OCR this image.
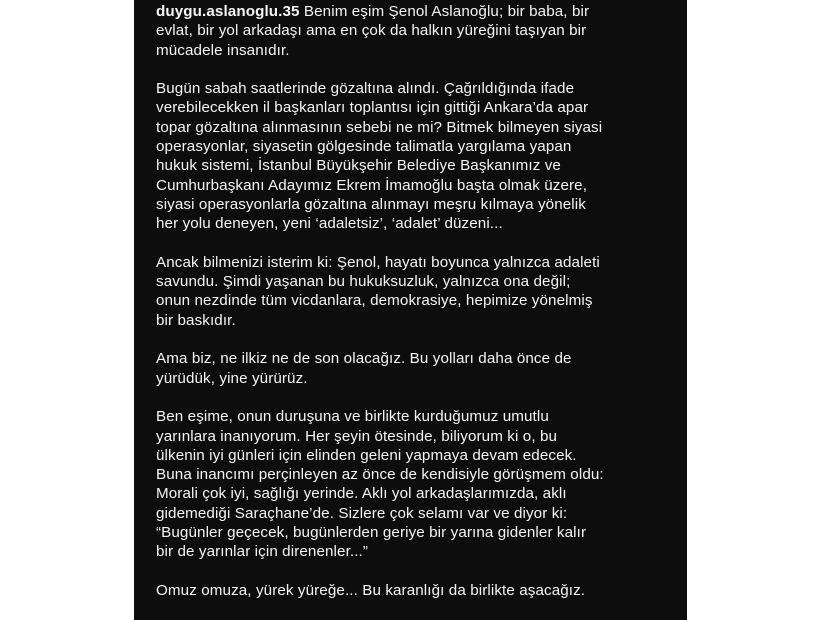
duygu.aslanoglu.35 Benim eşim Şenol Aslanoğlu; bir baba, bir
evlat, bir yol arkadaşı ama en çok da halkın yüreğini taşıyan bir
mücadele insanıdır.

Bugün sabah saatlerinde gözaltına alındı. Çağrıldığında ifade
verebilecekken il başkanları toplantısı için gittiği Ankara’da apar
topar gözaltına alınmasının sebebi ne mi? Bitmek bilmeyen siyasi
operasyonlar, siyasetin gölgesinde talimatla yargılama yapan
hukuk sistemi, İstanbul Büyükşehir Belediye Başkanımız ve
Cumhurbaşkanı Adayımız Ekrem İmamoğlu başta olmak üzere,
siyasi operasyonlarla gözaltına alınmayı meşru kılmaya yönelik
her yolu deneyen, yeni ‘adaletsiz’, ‘adalet’ düzeni...

Ancak bilmenizi isterim ki: Şenol, hayatı boyunca yalnızca adaleti
savundu. Şimdi yaşanan bu hukuksuzluk, yalnızca ona değil;
onun nezdinde tüm vicdanlara, demokrasiye, hepimize yönelmiş
bir baskıdır.

Ama biz, ne ilkiz ne de son olacağız. Bu yolları daha önce de
yürüdük, yine yürürüz.

Ben eşime, onun duruşuna ve birlikte kurduğumuz umutlu
yarınlara inanıyorum. Her şeyin ötesinde, biliyorum ki o, bu
ülkenin iyi günleri için elinden geleni yapmaya devam edecek.
Buna inancımı perçinleyen az önce de kendisiyle görüşmem oldu:
Morali çok iyi, sağlığı yerinde. Aklı yol arkadaşlarımızda, aklı
gidemediği Saraçhane’de. Sizlere çok selamı var ve diyor ki:
“Bugünler geçecek, bugünlerden geriye bir yarına gidenler kalır
bir de yarınlar için direnenler...”

Omuz omuza, yürek yüreğe... Bu karanlığı da birlikte aşacağız.
